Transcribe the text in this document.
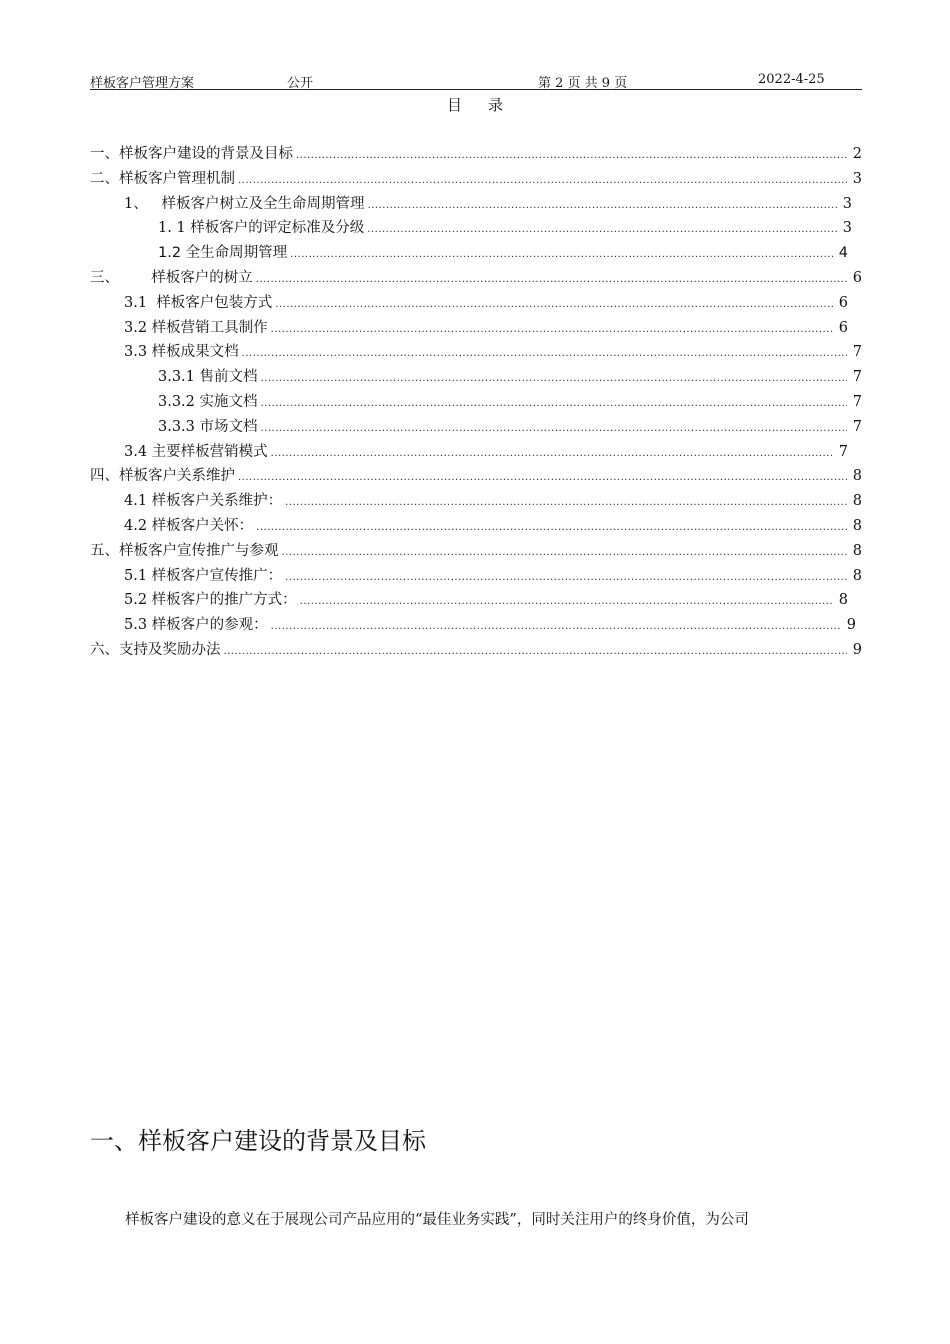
样板客户管理方案	公开	第 2 页 共 9 页	2022-4-25
目 录
一、样板客户建设的背景及目标 .....	2
二、样板客户管理机制 .....	3
1、   样板客户树立及全生命周期管理 .....	3
1. 1 样板客户的评定标准及分级 .....	3
1.2 全生命周期管理 .....	4
三、       样板客户的树立 .....	6
3.1  样板客户包装方式 .....	6
3.2 样板营销工具制作 .....	6
3.3 样板成果文档 .....	7
3.3.1 售前文档 .....	7
3.3.2 实施文档 .....	7
3.3.3 市场文档 .....	7
3.4 主要样板营销模式 .....	7
四、样板客户关系维护 .....	8
4.1 样板客户关系维护： .....	8
4.2 样板客户关怀： .....	8
五、样板客户宣传推广与参观 .....	8
5.1 样板客户宣传推广： .....	8
5.2 样板客户的推广方式： .....	8
5.3 样板客户的参观： .....	9
六、支持及奖励办法 .....	9
一、样板客户建设的背景及目标
样板客户建设的意义在于展现公司产品应用的“最佳业务实践”，同时关注用户的终身价值，为公司
